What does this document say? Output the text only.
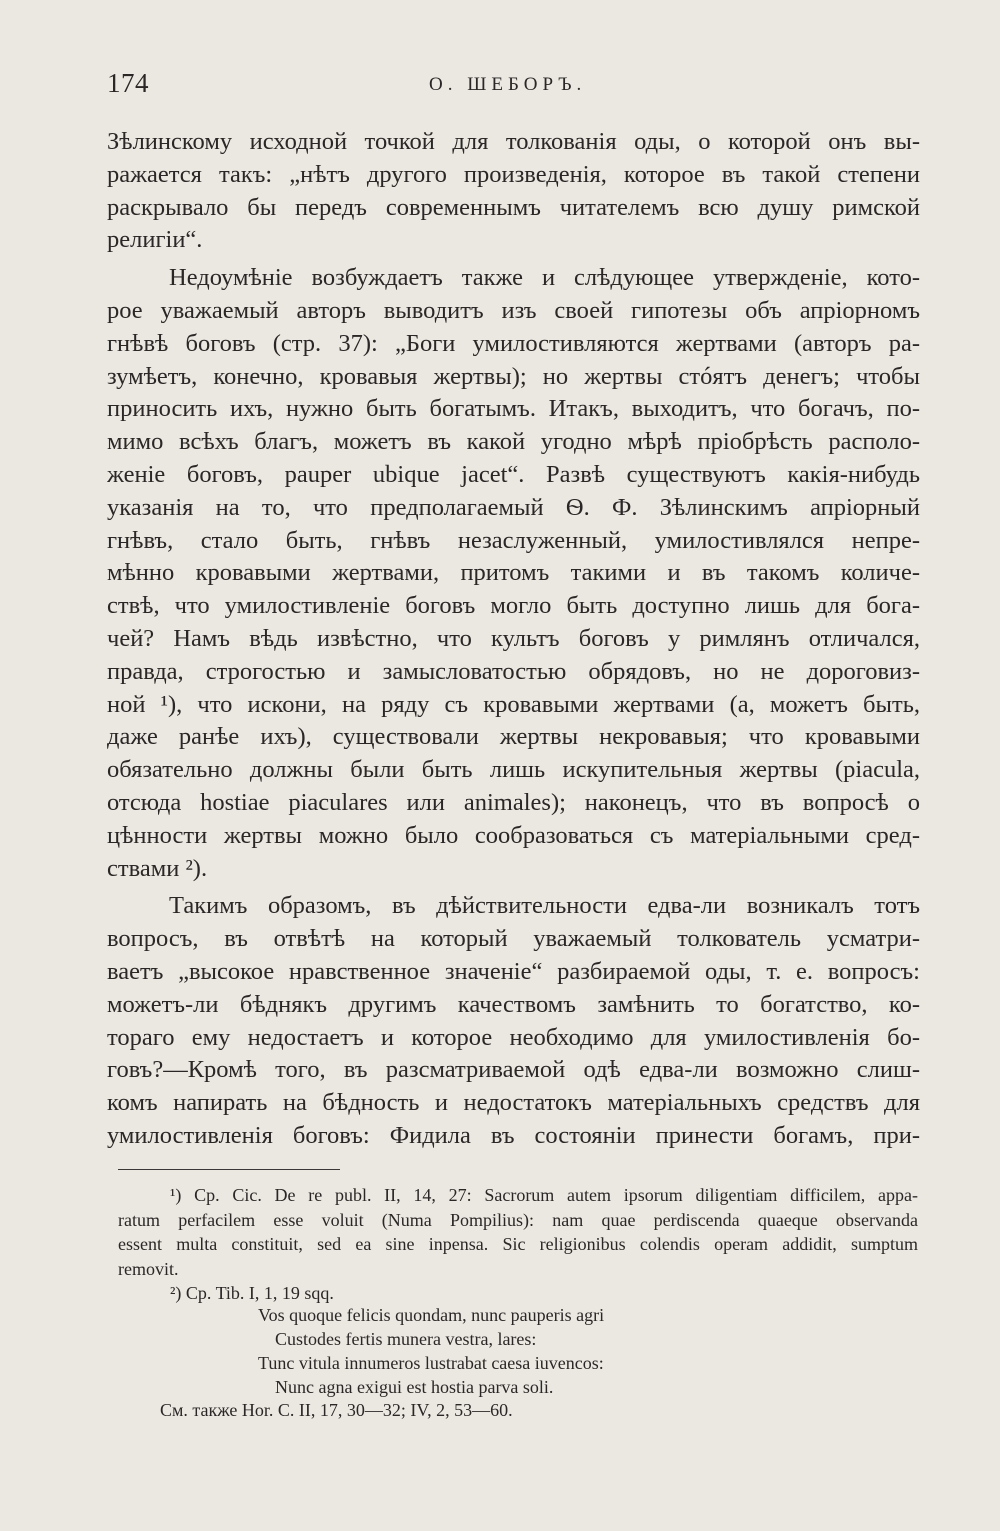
174	О. ШЕБОРЪ.
Зѣлинскому исходной точкой для толкованія оды, о которой онъ вы-
ражается такъ: „нѣтъ другого произведенія, которое въ такой степени
раскрывало бы передъ современнымъ читателемъ всю душу римской
религіи“.
Недоумѣніе возбуждаетъ также и слѣдующее утвержденіе, кото-
рое уважаемый авторъ выводитъ изъ своей гипотезы объ апріорномъ
гнѣвѣ боговъ (стр. 37): „Боги умилостивляются жертвами (авторъ ра-
зумѣетъ, конечно, кровавыя жертвы); но жертвы стóятъ денегъ; чтобы
приносить ихъ, нужно быть богатымъ. Итакъ, выходитъ, что богачъ, по-
мимо всѣхъ благъ, можетъ въ какой угодно мѣрѣ пріобрѣсть располо-
женіе боговъ, pauper ubique jacet“. Развѣ существуютъ какія-нибудь
указанія на то, что предполагаемый Ѳ. Ф. Зѣлинскимъ апріорный
гнѣвъ, стало быть, гнѣвъ незаслуженный, умилостивлялся непре-
мѣнно кровавыми жертвами, притомъ такими и въ такомъ количе-
ствѣ, что умилостивленіе боговъ могло быть доступно лишь для бога-
чей? Намъ вѣдь извѣстно, что культъ боговъ у римлянъ отличался,
правда, строгостью и замысловатостью обрядовъ, но не дороговиз-
ной ¹), что искони, на ряду съ кровавыми жертвами (а, можетъ быть,
даже ранѣе ихъ), существовали жертвы некровавыя; что кровавыми
обязательно должны были быть лишь искупительныя жертвы (piacula,
отсюда hostiae piaculares или animales); наконецъ, что въ вопросѣ о
цѣнности жертвы можно было сообразоваться съ матеріальными сред-
ствами ²).
Такимъ образомъ, въ дѣйствительности едва-ли возникалъ тотъ
вопросъ, въ отвѣтѣ на который уважаемый толкователь усматри-
ваетъ „высокое нравственное значеніе“ разбираемой оды, т. е. вопросъ:
можетъ-ли бѣднякъ другимъ качествомъ замѣнить то богатство, ко-
тораго ему недостаетъ и которое необходимо для умилостивленія бо-
говъ?—Кромѣ того, въ разсматриваемой одѣ едва-ли возможно слиш-
комъ напирать на бѣдность и недостатокъ матеріальныхъ средствъ для
умилостивленія боговъ: Фидила въ состояніи принести богамъ, при-
¹) Cp. Cic. De re publ. II, 14, 27: Sacrorum autem ipsorum diligentiam difficilem, appa-
ratum perfacilem esse voluit (Numa Pompilius): nam quae perdiscenda quaeque observanda
essent multa constituit, sed ea sine inpensa. Sic religionibus colendis operam addidit, sumptum
removit.
²) Cp. Tib. I, 1, 19 sqq.
Vos quoque felicis quondam, nunc pauperis agri
Custodes fertis munera vestra, lares:
Tunc vitula innumeros lustrabat caesa iuvencos:
Nunc agna exigui est hostia parva soli.
См. также Hor. C. II, 17, 30—32; IV, 2, 53—60.
